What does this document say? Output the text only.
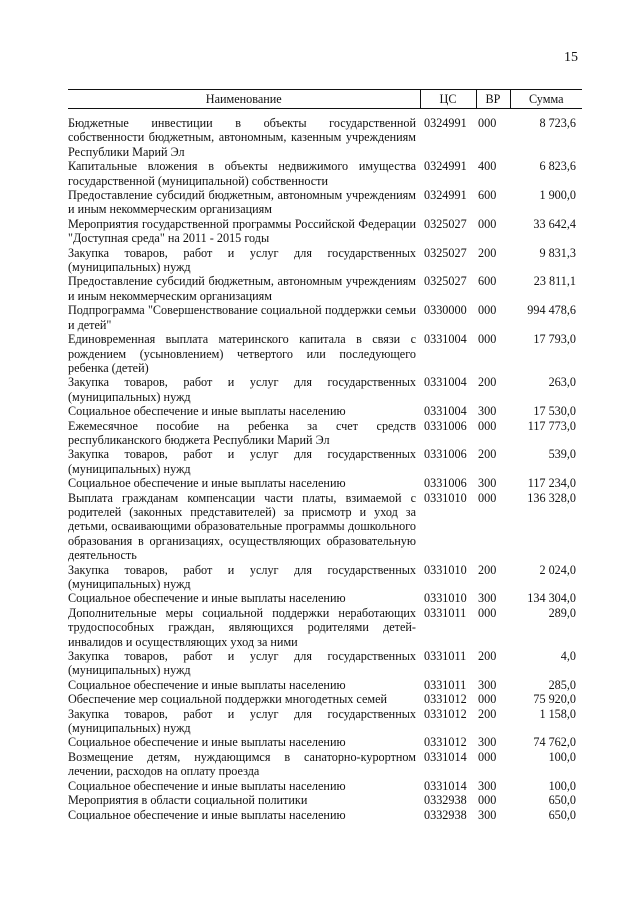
15
Наименование	ЦС	ВР	Сумма
Бюджетные инвестиции в объекты государственной собственности бюджетным, автономным, казенным учреждениям Республики Марий Эл	0324991	000	8 723,6
Капитальные вложения в объекты недвижимого имущества государственной (муниципальной) собственности	0324991	400	6 823,6
Предоставление субсидий бюджетным, автономным учреждениям и иным некоммерческим организациям	0324991	600	1 900,0
Мероприятия государственной программы Российской Федерации "Доступная среда" на 2011 - 2015 годы	0325027	000	33 642,4
Закупка товаров, работ и услуг для государственных (муниципальных) нужд	0325027	200	9 831,3
Предоставление субсидий бюджетным, автономным учреждениям и иным некоммерческим организациям	0325027	600	23 811,1
Подпрограмма "Совершенствование социальной поддержки семьи и детей"	0330000	000	994 478,6
Единовременная выплата материнского капитала в связи с рождением (усыновлением) четвертого или последующего ребенка (детей)	0331004	000	17 793,0
Закупка товаров, работ и услуг для государственных (муниципальных) нужд	0331004	200	263,0
Социальное обеспечение и иные выплаты населению	0331004	300	17 530,0
Ежемесячное пособие на ребенка за счет средств республиканского бюджета Республики Марий Эл	0331006	000	117 773,0
Закупка товаров, работ и услуг для государственных (муниципальных) нужд	0331006	200	539,0
Социальное обеспечение и иные выплаты населению	0331006	300	117 234,0
Выплата гражданам компенсации части платы, взимаемой с родителей (законных представителей) за присмотр и уход за детьми, осваивающими образовательные программы дошкольного образования в организациях, осуществляющих образовательную деятельность	0331010	000	136 328,0
Закупка товаров, работ и услуг для государственных (муниципальных) нужд	0331010	200	2 024,0
Социальное обеспечение и иные выплаты населению	0331010	300	134 304,0
Дополнительные меры социальной поддержки неработающих трудоспособных граждан, являющихся родителями детей-инвалидов и осуществляющих уход за ними	0331011	000	289,0
Закупка товаров, работ и услуг для государственных (муниципальных) нужд	0331011	200	4,0
Социальное обеспечение и иные выплаты населению	0331011	300	285,0
Обеспечение мер социальной поддержки многодетных семей	0331012	000	75 920,0
Закупка товаров, работ и услуг для государственных (муниципальных) нужд	0331012	200	1 158,0
Социальное обеспечение и иные выплаты населению	0331012	300	74 762,0
Возмещение детям, нуждающимся в санаторно-курортном лечении, расходов на оплату проезда	0331014	000	100,0
Социальное обеспечение и иные выплаты населению	0331014	300	100,0
Мероприятия в области социальной политики	0332938	000	650,0
Социальное обеспечение и иные выплаты населению	0332938	300	650,0
